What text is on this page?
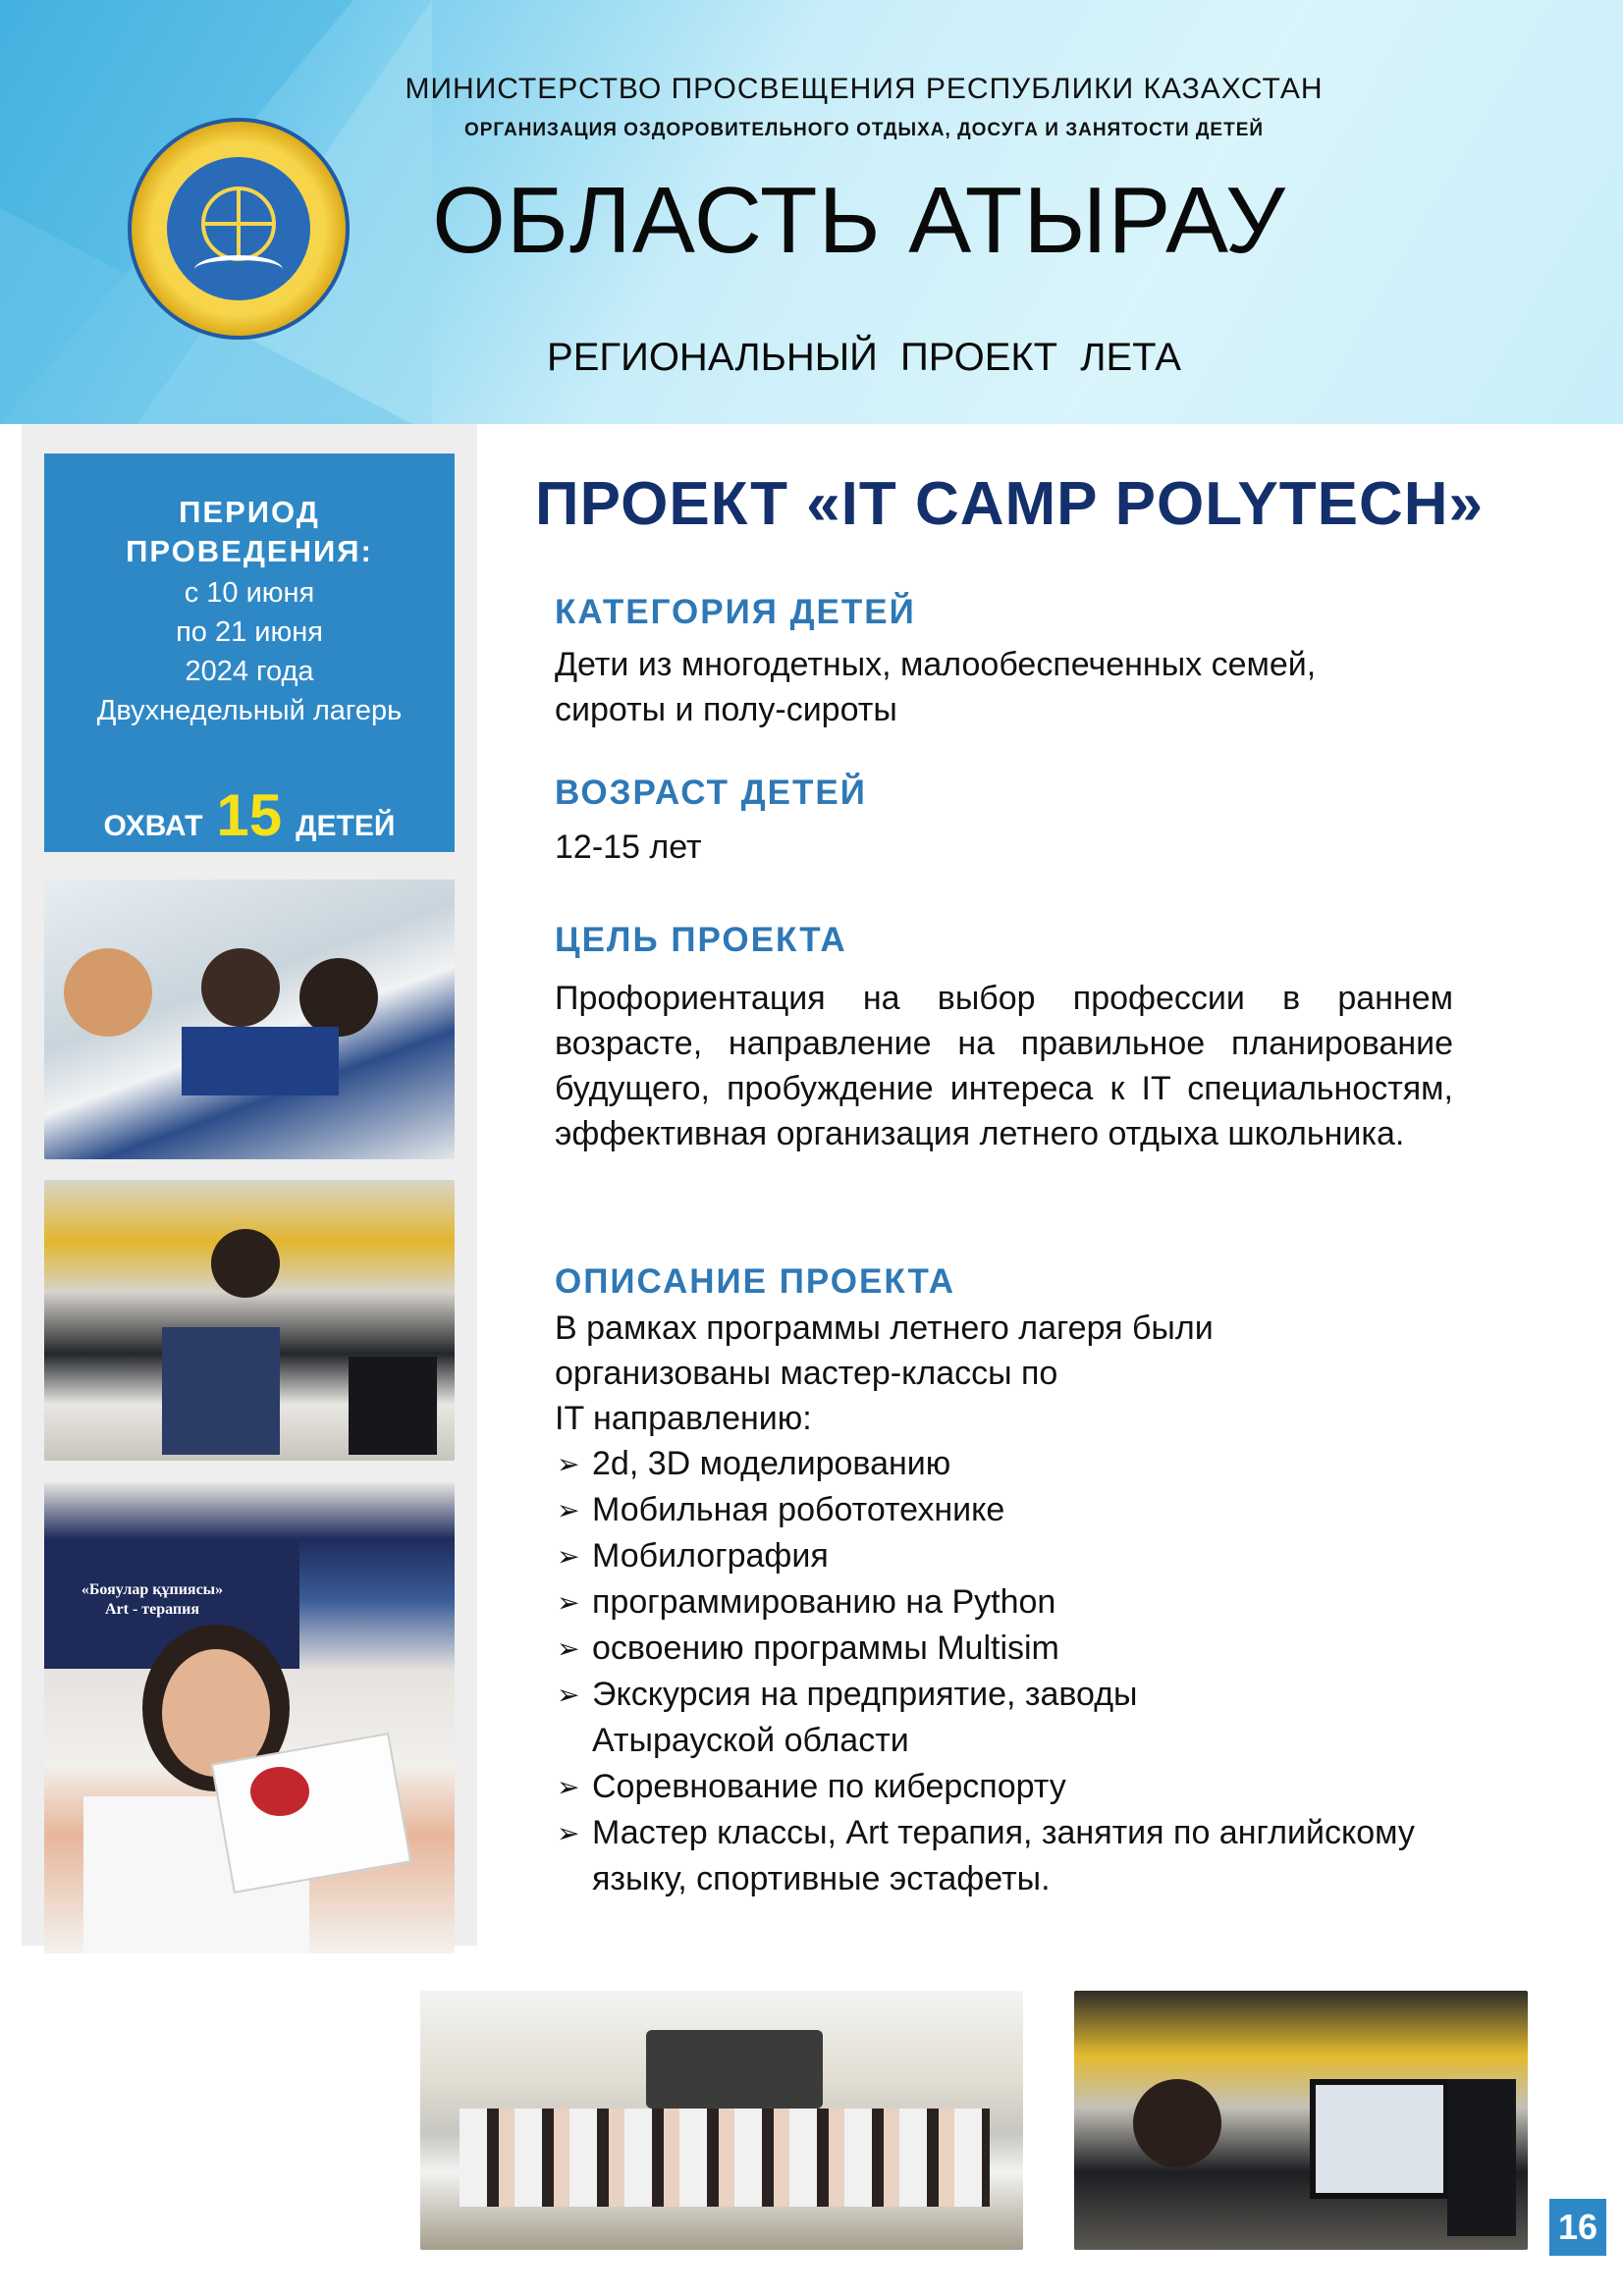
МИНИСТЕРСТВО ПРОСВЕЩЕНИЯ РЕСПУБЛИКИ КАЗАХСТАН
ОРГАНИЗАЦИЯ ОЗДОРОВИТЕЛЬНОГО ОТДЫХА, ДОСУГА И ЗАНЯТОСТИ ДЕТЕЙ
ОБЛАСТЬ АТЫРАУ
РЕГИОНАЛЬНЫЙ ПРОЕКТ ЛЕТА
ПЕРИОД
ПРОВЕДЕНИЯ:
с 10 июня
по 21 июня
2024 года
Двухнедельный лагерь
ОХВАТ 15 ДЕТЕЙ
«Бояулар құпиясы»
Art - терапия
ПРОЕКТ «IT CAMP POLYTECH»
КАТЕГОРИЯ ДЕТЕЙ
Дети из многодетных, малообеспеченных семей,
сироты и полу-сироты
ВОЗРАСТ ДЕТЕЙ
12-15 лет
ЦЕЛЬ ПРОЕКТА
Профориентация на выбор профессии в раннем возрасте, направление на правильное планирование будущего, пробуждение интереса к IT специальностям, эффективная организация летнего отдыха школьника.
ОПИСАНИЕ ПРОЕКТА
В рамках программы летнего лагеря были
организованы мастер-классы по
IT направлению:
➢ 2d, 3D моделированию
➢ Мобильная робототехнике
➢ Мобилография
➢ программированию на Python
➢ освоению программы Multisim
➢ Экскурсия на предприятие, заводы Атырауской области
➢ Соревнование по киберспорту
➢ Мастер классы, Art терапия, занятия по английскому языку, спортивные эстафеты.
16
